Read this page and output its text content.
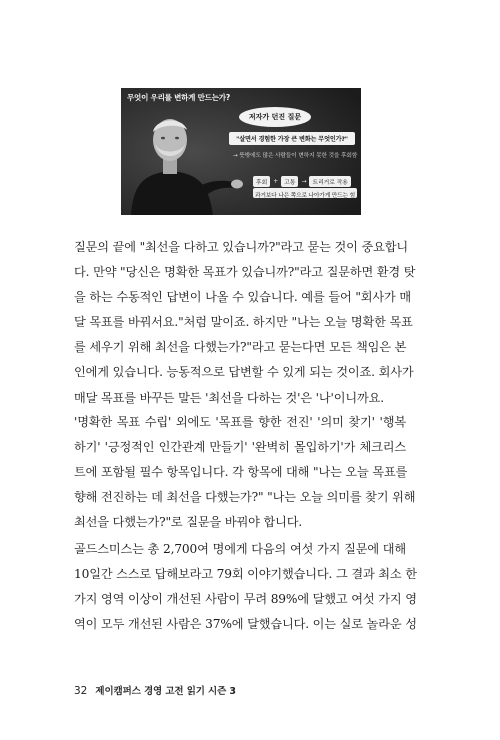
무엇이 우리를 변하게 만드는가?
저자가 던진 질문
"살면서 경험한 가장 큰 변화는 무엇인가?"
→ 뜻밖에도 많은 사람들이 변하지 못한 것을 후회함
후회	+	고통	→	트리거로 작용
과거보다 나은 쪽으로 나아가게 만드는 힘
질문의 끝에 "최선을 다하고 있습니까?"라고 묻는 것이 중요합니
다. 만약 "당신은 명확한 목표가 있습니까?"라고 질문하면 환경 탓
을 하는 수동적인 답변이 나올 수 있습니다. 예를 들어 "회사가 매
달 목표를 바꿔서요."처럼 말이죠. 하지만 "나는 오늘 명확한 목표
를 세우기 위해 최선을 다했는가?"라고 묻는다면 모든 책임은 본
인에게 있습니다. 능동적으로 답변할 수 있게 되는 것이죠. 회사가
매달 목표를 바꾸든 말든 '최선을 다하는 것'은 '나'이니까요.
'명확한 목표 수립' 외에도 '목표를 향한 전진' '의미 찾기' '행복
하기' '긍정적인 인간관계 만들기' '완벽히 몰입하기'가 체크리스
트에 포함될 필수 항목입니다. 각 항목에 대해 "나는 오늘 목표를
향해 전진하는 데 최선을 다했는가?" "나는 오늘 의미를 찾기 위해
최선을 다했는가?"로 질문을 바꿔야 합니다.
골드스미스는 총 2,700여 명에게 다음의 여섯 가지 질문에 대해
10일간 스스로 답해보라고 79회 이야기했습니다. 그 결과 최소 한
가지 영역 이상이 개선된 사람이 무려 89%에 달했고 여섯 가지 영
역이 모두 개선된 사람은 37%에 달했습니다. 이는 실로 놀라운 성
32 제이캠퍼스 경영 고전 읽기 시즌 3
